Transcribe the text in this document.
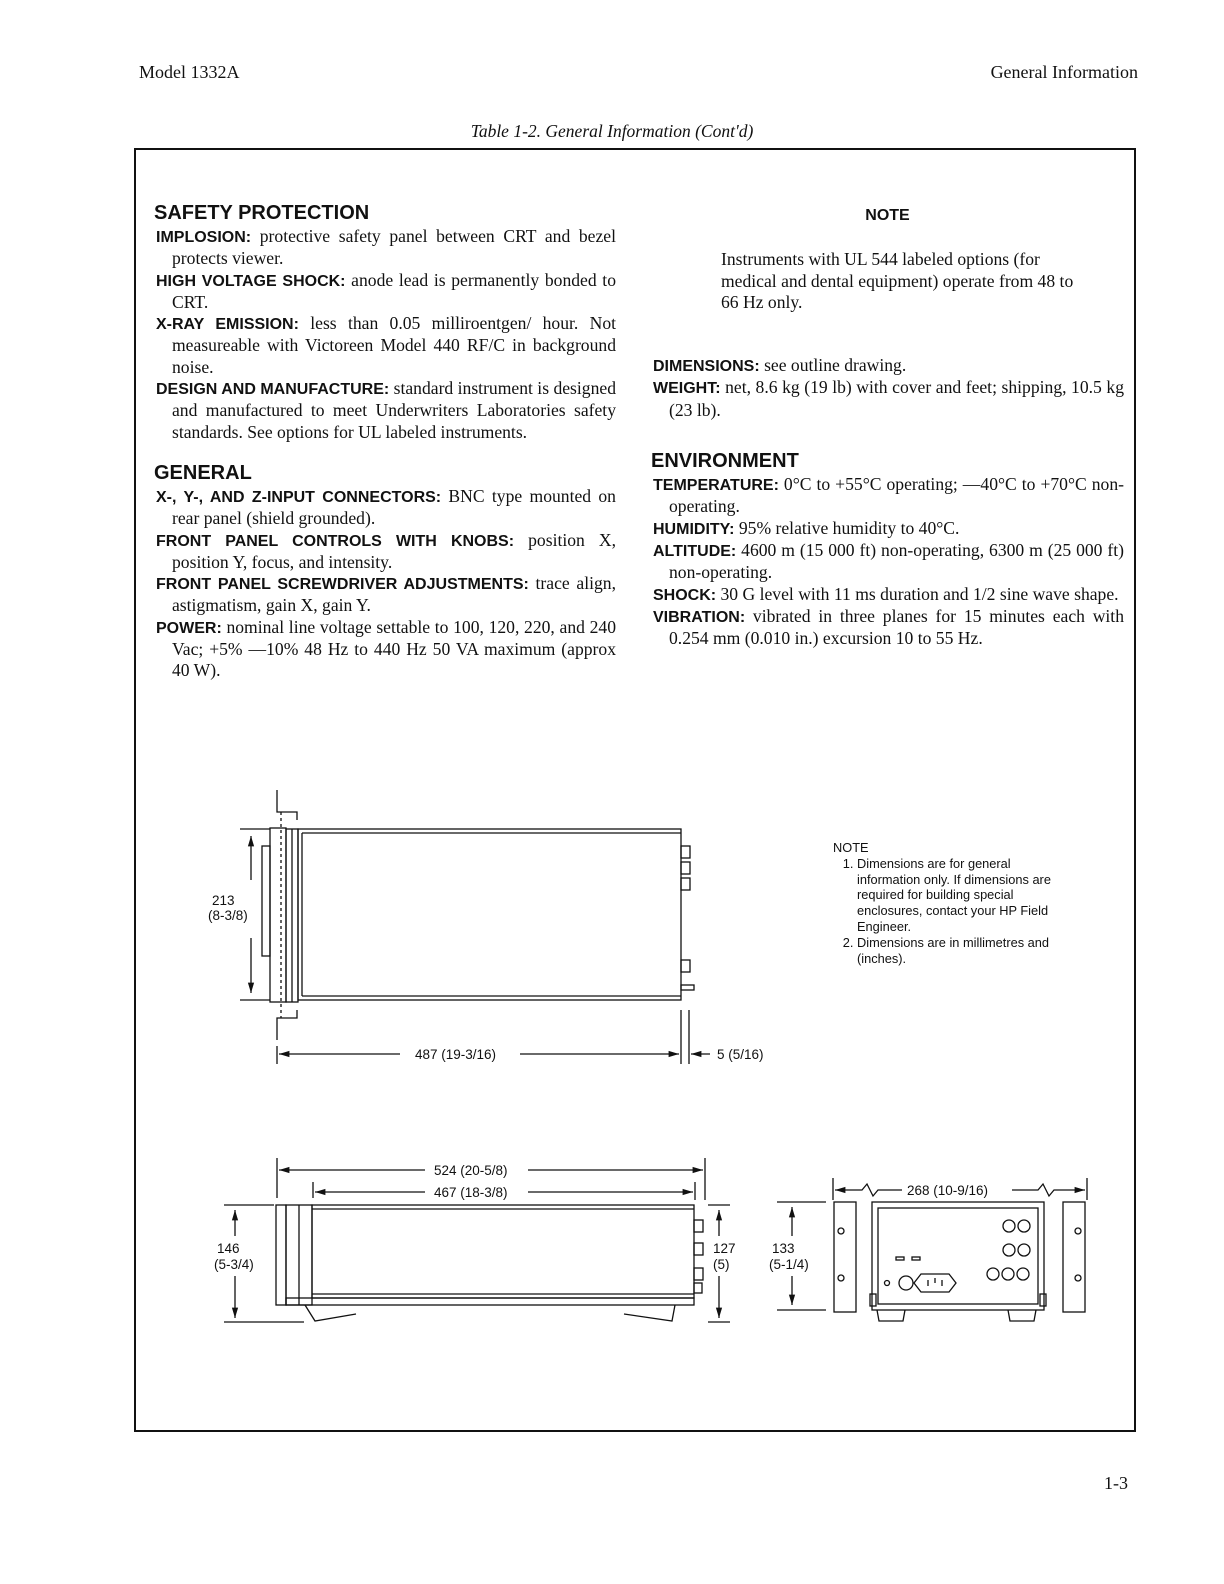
Model 1332A	General Information
Table 1-2. General Information (Cont'd)
SAFETY PROTECTION

IMPLOSION: protective safety panel between CRT and bezel protects viewer.

HIGH VOLTAGE SHOCK: anode lead is permanently bonded to CRT.

X-RAY EMISSION: less than 0.05 milliroentgen/ hour. Not measureable with Victoreen Model 440 RF/C in background noise.

DESIGN AND MANUFACTURE: standard instrument is designed and manufactured to meet Underwriters Laboratories safety standards. See options for UL labeled instruments.

GENERAL

X-, Y-, AND Z-INPUT CONNECTORS: BNC type mounted on rear panel (shield grounded).

FRONT PANEL CONTROLS WITH KNOBS: position X, position Y, focus, and intensity.

FRONT PANEL SCREWDRIVER ADJUSTMENTS: trace align, astigmatism, gain X, gain Y.

POWER: nominal line voltage settable to 100, 120, 220, and 240 Vac; +5% —10% 48 Hz to 440 Hz 50 VA maximum (approx 40 W).

NOTE
Instruments with UL 544 labeled options (for medical and dental equipment) operate from 48 to 66 Hz only.

DIMENSIONS: see outline drawing.

WEIGHT: net, 8.6 kg (19 lb) with cover and feet; shipping, 10.5 kg (23 lb).

ENVIRONMENT

TEMPERATURE: 0°C to +55°C operating; —40°C to +70°C non-operating.

HUMIDITY: 95% relative humidity to 40°C.

ALTITUDE: 4600 m (15 000 ft) non-operating, 6300 m (25 000 ft) non-operating.

SHOCK: 30 G level with 11 ms duration and 1/2 sine wave shape.

VIBRATION: vibrated in three planes for 15 minutes each with 0.254 mm (0.010 in.) excursion 10 to 55 Hz.

213
(8-3/8)
487 (19-3/16)	5 (5/16)
524 (20-5/8)
467 (18-3/8)
146
(5-3/4)
127
(5)
133
(5-1/4)
268 (10-9/16)
NOTE
1. Dimensions are for general information only. If dimensions are required for building special enclosures, contact your HP Field Engineer.
2. Dimensions are in millimetres and (inches).
1-3
